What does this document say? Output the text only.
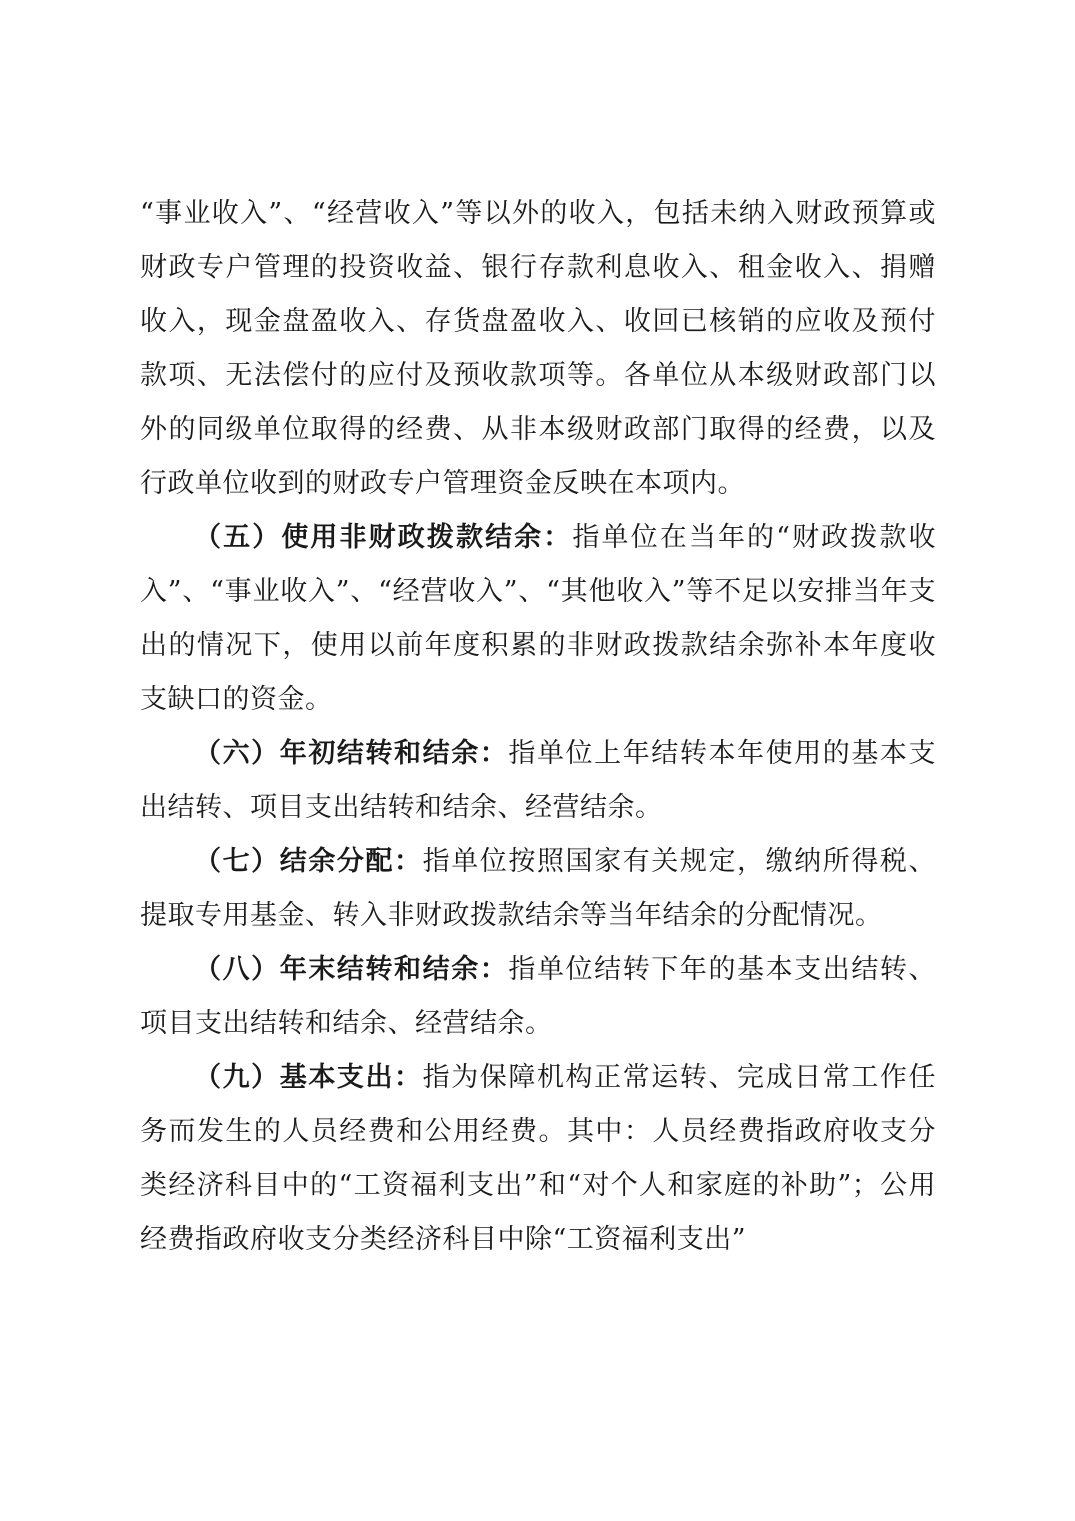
“事业收入”、“经营收入”等以外的收入，包括未纳入财政预算或财政专户管理的投资收益、银行存款利息收入、租金收入、捐赠收入，现金盘盈收入、存货盘盈收入、收回已核销的应收及预付款项、无法偿付的应付及预收款项等。各单位从本级财政部门以外的同级单位取得的经费、从非本级财政部门取得的经费，以及行政单位收到的财政专户管理资金反映在本项内。

（五）使用非财政拨款结余：指单位在当年的“财政拨款收入”、“事业收入”、“经营收入”、“其他收入”等不足以安排当年支出的情况下，使用以前年度积累的非财政拨款结余弥补本年度收支缺口的资金。

（六）年初结转和结余：指单位上年结转本年使用的基本支出结转、项目支出结转和结余、经营结余。

（七）结余分配：指单位按照国家有关规定，缴纳所得税、提取专用基金、转入非财政拨款结余等当年结余的分配情况。

（八）年末结转和结余：指单位结转下年的基本支出结转、项目支出结转和结余、经营结余。

（九）基本支出：指为保障机构正常运转、完成日常工作任务而发生的人员经费和公用经费。其中：人员经费指政府收支分类经济科目中的“工资福利支出”和“对个人和家庭的补助”；公用经费指政府收支分类经济科目中除“工资福利支出”
